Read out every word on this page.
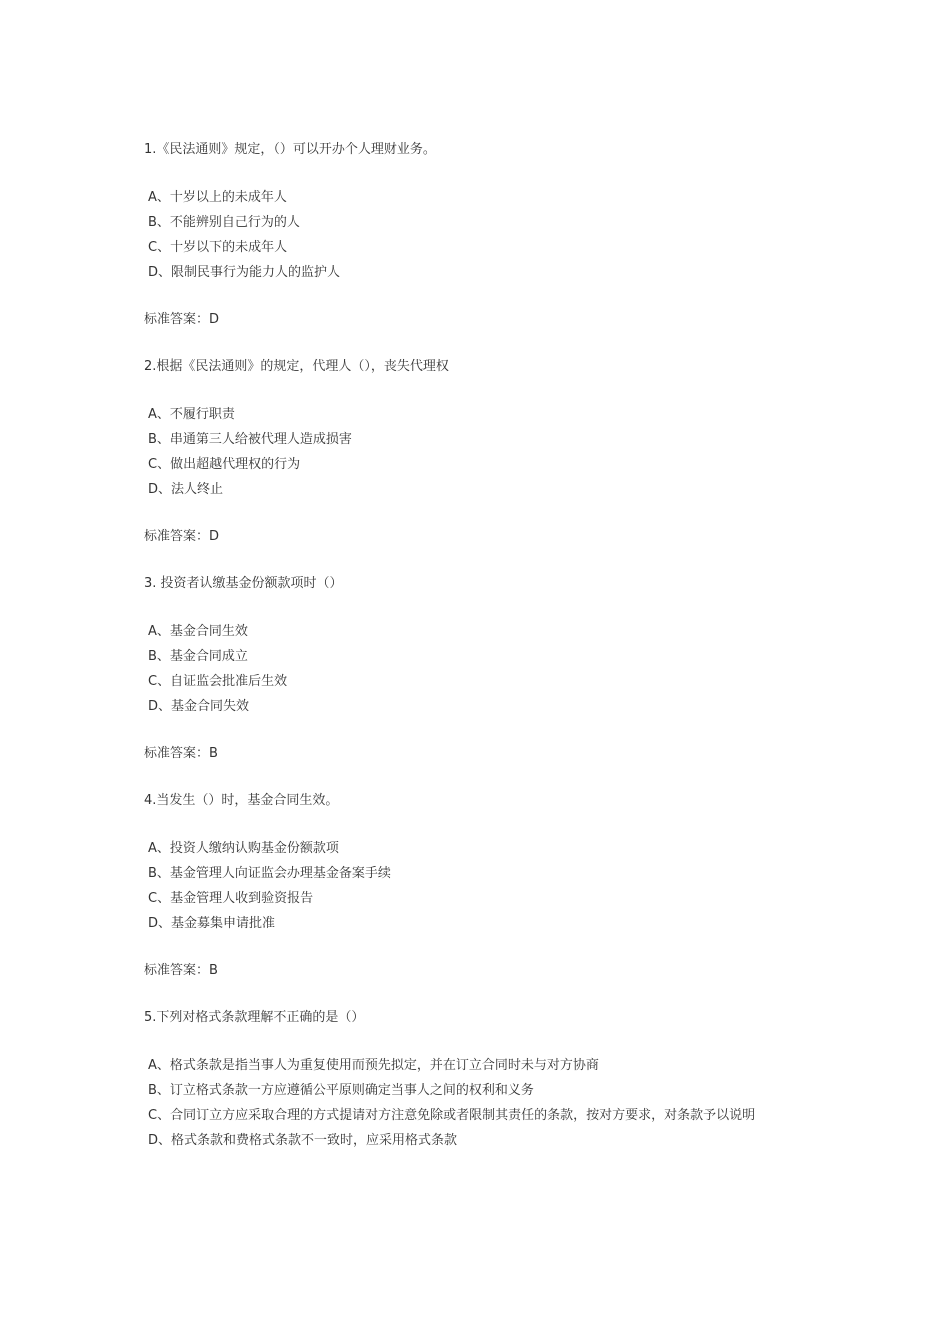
1.《民法通则》规定，（）可以开办个人理财业务。
A、十岁以上的未成年人
B、不能辨别自己行为的人
C、十岁以下的未成年人
D、限制民事行为能力人的监护人
标准答案：D
2.根据《民法通则》的规定，代理人（），丧失代理权
A、不履行职责
B、串通第三人给被代理人造成损害
C、做出超越代理权的行为
D、法人终止
标准答案：D
3. 投资者认缴基金份额款项时（）
A、基金合同生效
B、基金合同成立
C、自证监会批准后生效
D、基金合同失效
标准答案：B
4.当发生（）时，基金合同生效。
A、投资人缴纳认购基金份额款项
B、基金管理人向证监会办理基金备案手续
C、基金管理人收到验资报告
D、基金募集申请批准
标准答案：B
5.下列对格式条款理解不正确的是（）
A、格式条款是指当事人为重复使用而预先拟定，并在订立合同时未与对方协商
B、订立格式条款一方应遵循公平原则确定当事人之间的权利和义务
C、合同订立方应采取合理的方式提请对方注意免除或者限制其责任的条款，按对方要求，对条款予以说明
D、格式条款和费格式条款不一致时，应采用格式条款
